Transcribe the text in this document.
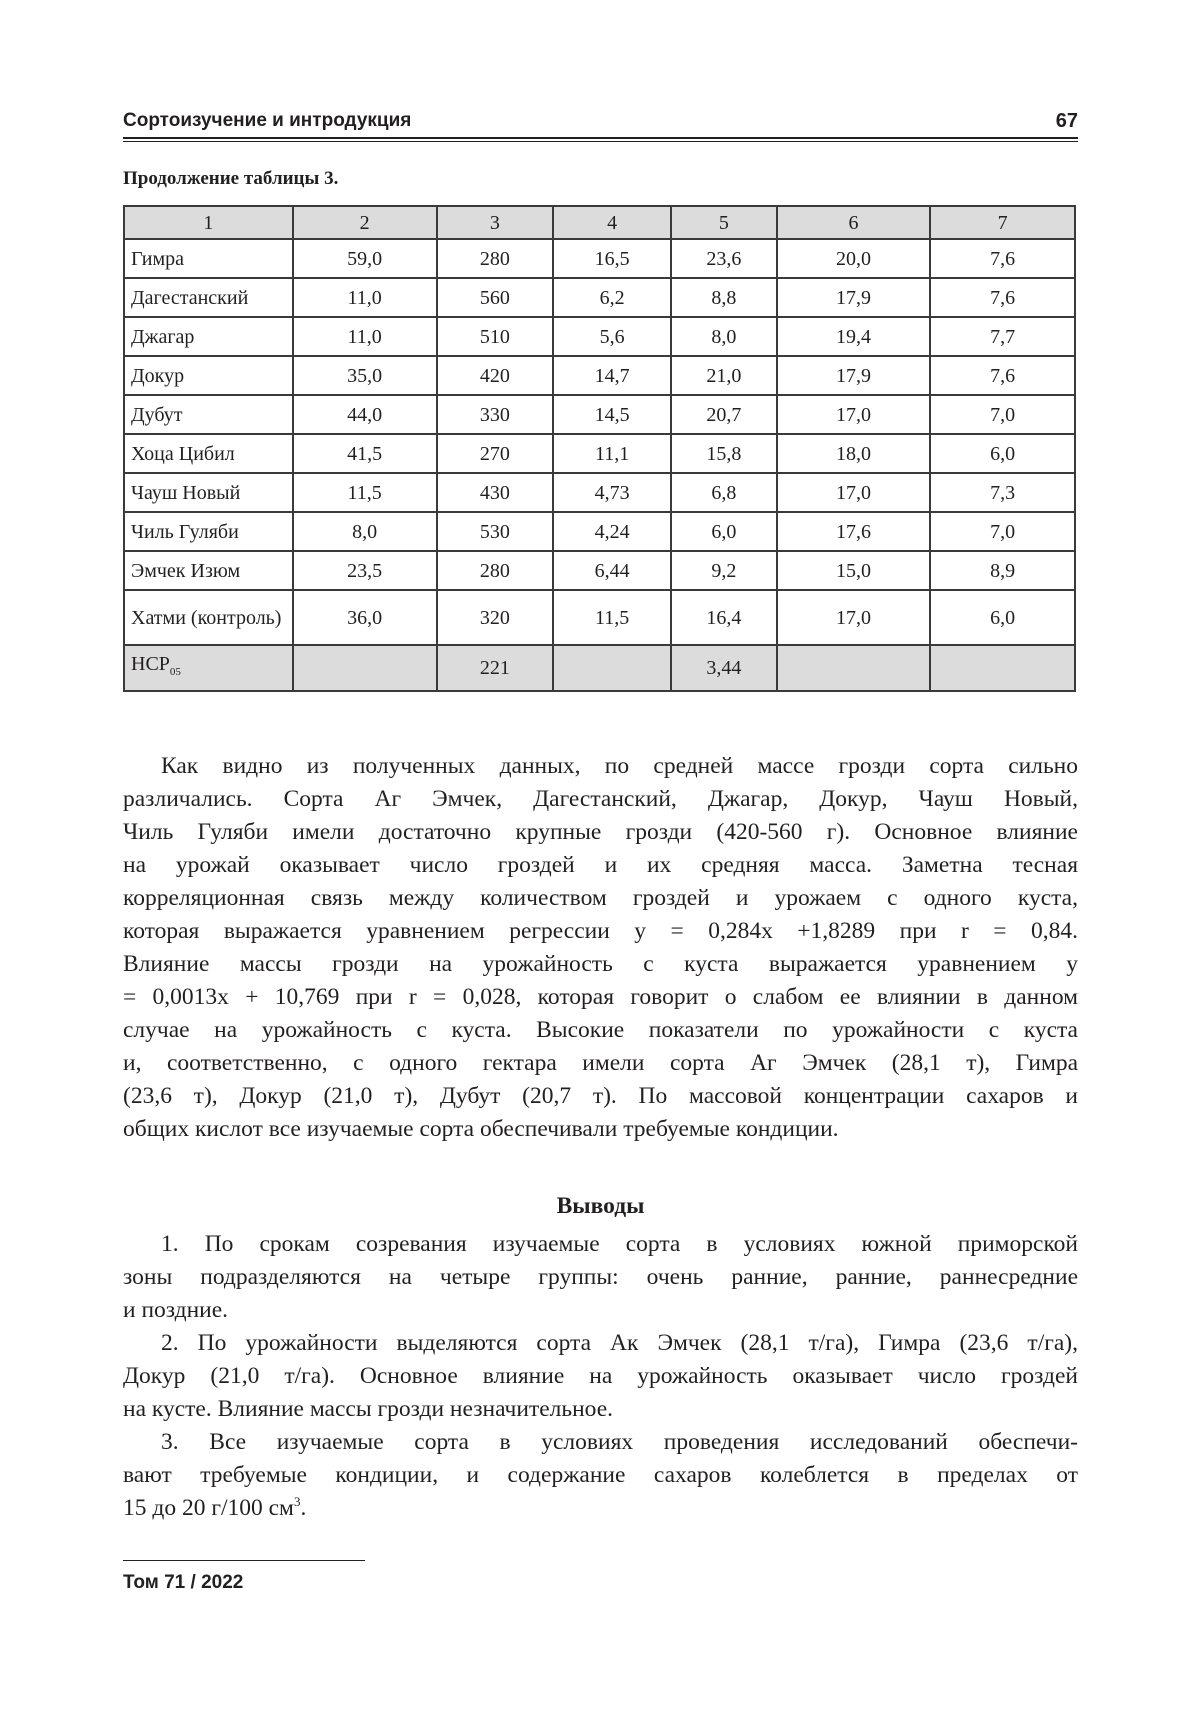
Сортоизучение и интродукция	67
Продолжение таблицы 3.
1	2	3	4	5	6	7
Гимра	59,0	280	16,5	23,6	20,0	7,6
Дагестанский	11,0	560	6,2	8,8	17,9	7,6
Джагар	11,0	510	5,6	8,0	19,4	7,7
Докур	35,0	420	14,7	21,0	17,9	7,6
Дубут	44,0	330	14,5	20,7	17,0	7,0
Хоца Цибил	41,5	270	11,1	15,8	18,0	6,0
Чауш Новый	11,5	430	4,73	6,8	17,0	7,3
Чиль Гуляби	8,0	530	4,24	6,0	17,6	7,0
Эмчек Изюм	23,5	280	6,44	9,2	15,0	8,9
Хатми (контроль)	36,0	320	11,5	16,4	17,0	6,0
$НСР_{05}$		221		3,44		
Как видно из полученных данных, по средней массе грозди сорта сильно
различались. Сорта Аг Эмчек, Дагестанский, Джагар, Докур, Чауш Новый,
Чиль Гуляби имели достаточно крупные грозди (420-560 г). Основное влияние
на урожай оказывает число гроздей и их средняя масса. Заметна тесная
корреляционная связь между количеством гроздей и урожаем с одного куста,
которая выражается уравнением регрессии y = 0,284x +1,8289 при r = 0,84.
Влияние массы грозди на урожайность с куста выражается уравнением y
= 0,0013x + 10,769 при r = 0,028, которая говорит о слабом ее влиянии в данном
случае на урожайность с куста. Высокие показатели по урожайности с куста
и, соответственно, с одного гектара имели сорта Аг Эмчек (28,1 т), Гимра
(23,6 т), Докур (21,0 т), Дубут (20,7 т). По массовой концентрации сахаров и
общих кислот все изучаемые сорта обеспечивали требуемые кондиции.
Выводы
1. По срокам созревания изучаемые сорта в условиях южной приморской
зоны подразделяются на четыре группы: очень ранние, ранние, раннесредние
и поздние.
2. По урожайности выделяются сорта Ак Эмчек (28,1 т/га), Гимра (23,6 т/га),
Докур (21,0 т/га). Основное влияние на урожайность оказывает число гроздей
на кусте. Влияние массы грозди незначительное.
3. Все изучаемые сорта в условиях проведения исследований обеспечи-
вают требуемые кондиции, и содержание сахаров колеблется в пределах от
15 до 20 г/100 $см^3$.
Том 71 / 2022
